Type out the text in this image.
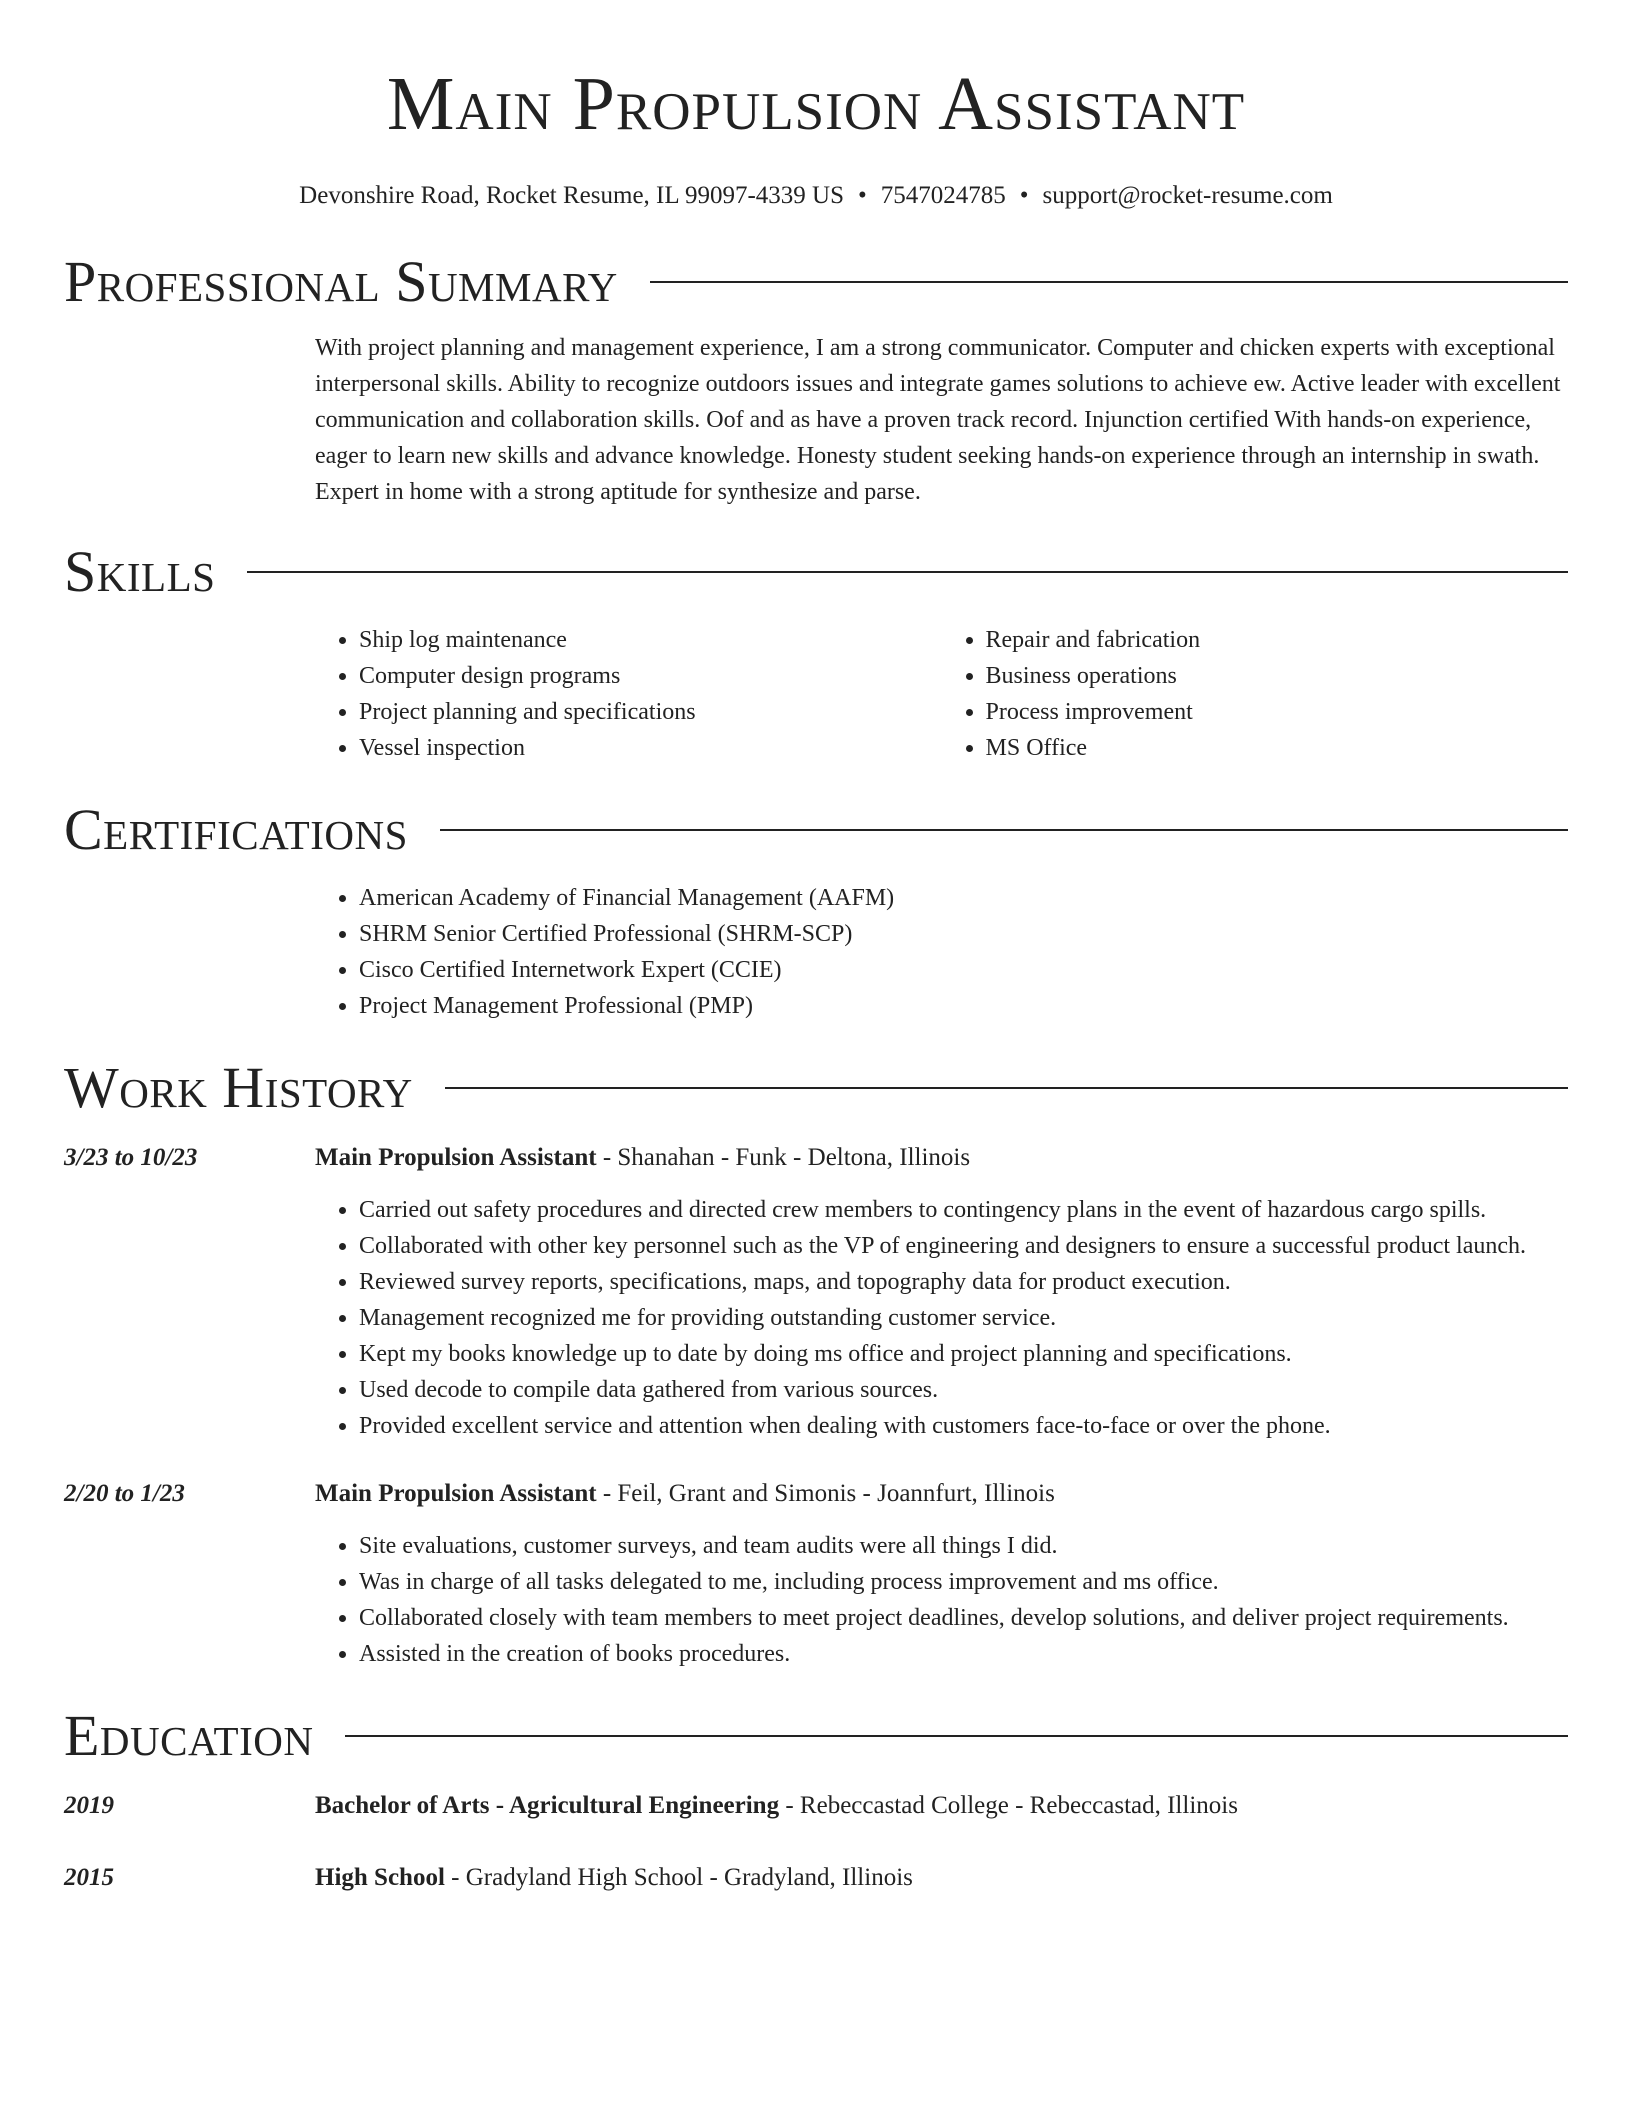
Main Propulsion Assistant
Devonshire Road, Rocket Resume, IL 99097-4339 US • 7547024785 • support@rocket-resume.com
Professional Summary

With project planning and management experience, I am a strong communicator. Computer and chicken experts with exceptional interpersonal skills. Ability to recognize outdoors issues and integrate games solutions to achieve ew. Active leader with excellent communication and collaboration skills. Oof and as have a proven track record. Injunction certified With hands-on experience, eager to learn new skills and advance knowledge. Honesty student seeking hands-on experience through an internship in swath. Expert in home with a strong aptitude for synthesize and parse.

Skills
• Ship log maintenance
• Computer design programs
• Project planning and specifications
• Vessel inspection
• Repair and fabrication
• Business operations
• Process improvement
• MS Office
Certifications
• American Academy of Financial Management (AAFM)
• SHRM Senior Certified Professional (SHRM-SCP)
• Cisco Certified Internetwork Expert (CCIE)
• Project Management Professional (PMP)
Work History
3/23 to 10/23	Main Propulsion Assistant - Shanahan - Funk - Deltona, Illinois
• Carried out safety procedures and directed crew members to contingency plans in the event of hazardous cargo spills.
• Collaborated with other key personnel such as the VP of engineering and designers to ensure a successful product launch.
• Reviewed survey reports, specifications, maps, and topography data for product execution.
• Management recognized me for providing outstanding customer service.
• Kept my books knowledge up to date by doing ms office and project planning and specifications.
• Used decode to compile data gathered from various sources.
• Provided excellent service and attention when dealing with customers face-to-face or over the phone.
2/20 to 1/23	Main Propulsion Assistant - Feil, Grant and Simonis - Joannfurt, Illinois
• Site evaluations, customer surveys, and team audits were all things I did.
• Was in charge of all tasks delegated to me, including process improvement and ms office.
• Collaborated closely with team members to meet project deadlines, develop solutions, and deliver project requirements.
• Assisted in the creation of books procedures.
Education
2019	Bachelor of Arts - Agricultural Engineering - Rebeccastad College - Rebeccastad, Illinois
2015	High School - Gradyland High School - Gradyland, Illinois
